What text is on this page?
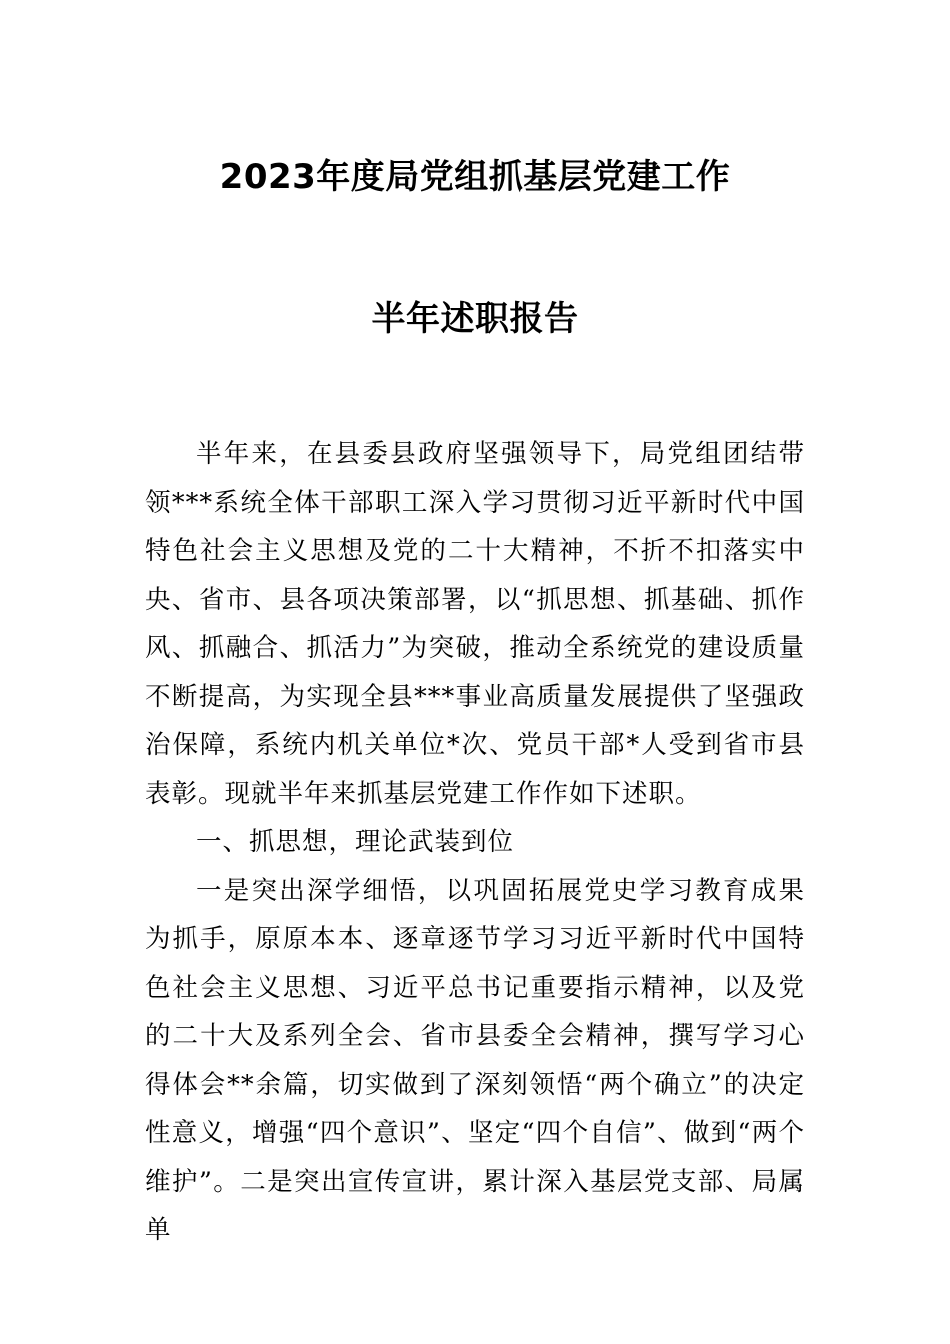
2023年度局党组抓基层党建工作
半年述职报告

半年来，在县委县政府坚强领导下，局党组团结带领***系统全体干部职工深入学习贯彻习近平新时代中国特色社会主义思想及党的二十大精神，不折不扣落实中央、省市、县各项决策部署，以“抓思想、抓基础、抓作风、抓融合、抓活力”为突破，推动全系统党的建设质量不断提高，为实现全县***事业高质量发展提供了坚强政治保障，系统内机关单位*次、党员干部*人受到省市县表彰。现就半年来抓基层党建工作作如下述职。

一、抓思想，理论武装到位

一是突出深学细悟，以巩固拓展党史学习教育成果为抓手，原原本本、逐章逐节学习习近平新时代中国特色社会主义思想、习近平总书记重要指示精神，以及党的二十大及系列全会、省市县委全会精神，撰写学习心得体会**余篇，切实做到了深刻领悟“两个确立”的决定性意义，增强“四个意识”、坚定“四个自信”、做到“两个维护”。二是突出宣传宣讲，累计深入基层党支部、局属单
